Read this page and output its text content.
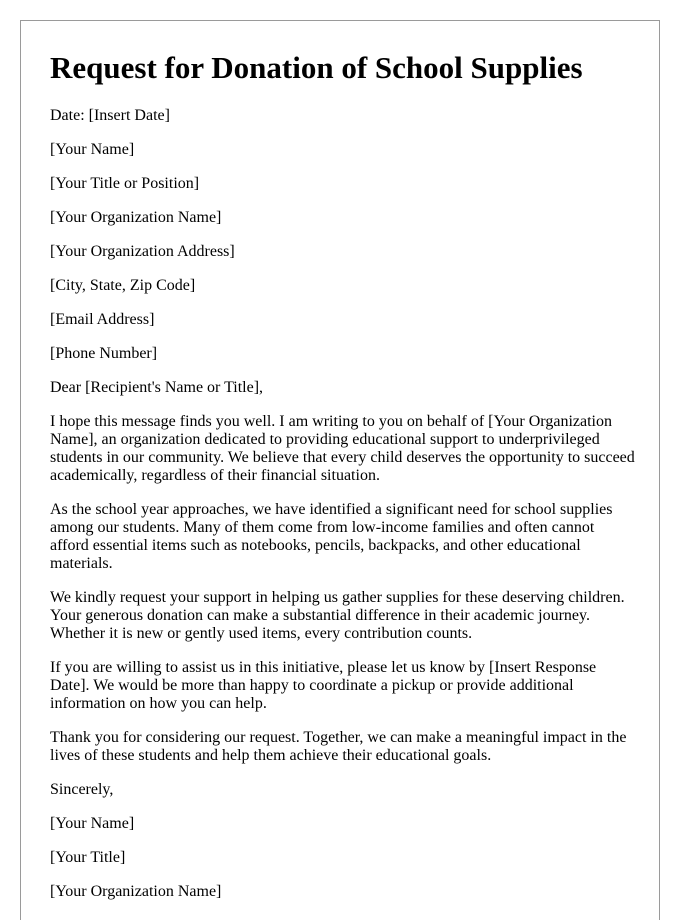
Request for Donation of School Supplies

Date: [Insert Date]

[Your Name]

[Your Title or Position]

[Your Organization Name]

[Your Organization Address]

[City, State, Zip Code]

[Email Address]

[Phone Number]

Dear [Recipient's Name or Title],

I hope this message finds you well. I am writing to you on behalf of [Your Organization Name], an organization dedicated to providing educational support to underprivileged students in our community. We believe that every child deserves the opportunity to succeed academically, regardless of their financial situation.

As the school year approaches, we have identified a significant need for school supplies among our students. Many of them come from low-income families and often cannot afford essential items such as notebooks, pencils, backpacks, and other educational materials.

We kindly request your support in helping us gather supplies for these deserving children. Your generous donation can make a substantial difference in their academic journey. Whether it is new or gently used items, every contribution counts.

If you are willing to assist us in this initiative, please let us know by [Insert Response Date]. We would be more than happy to coordinate a pickup or provide additional information on how you can help.

Thank you for considering our request. Together, we can make a meaningful impact in the lives of these students and help them achieve their educational goals.

Sincerely,

[Your Name]

[Your Title]

[Your Organization Name]
